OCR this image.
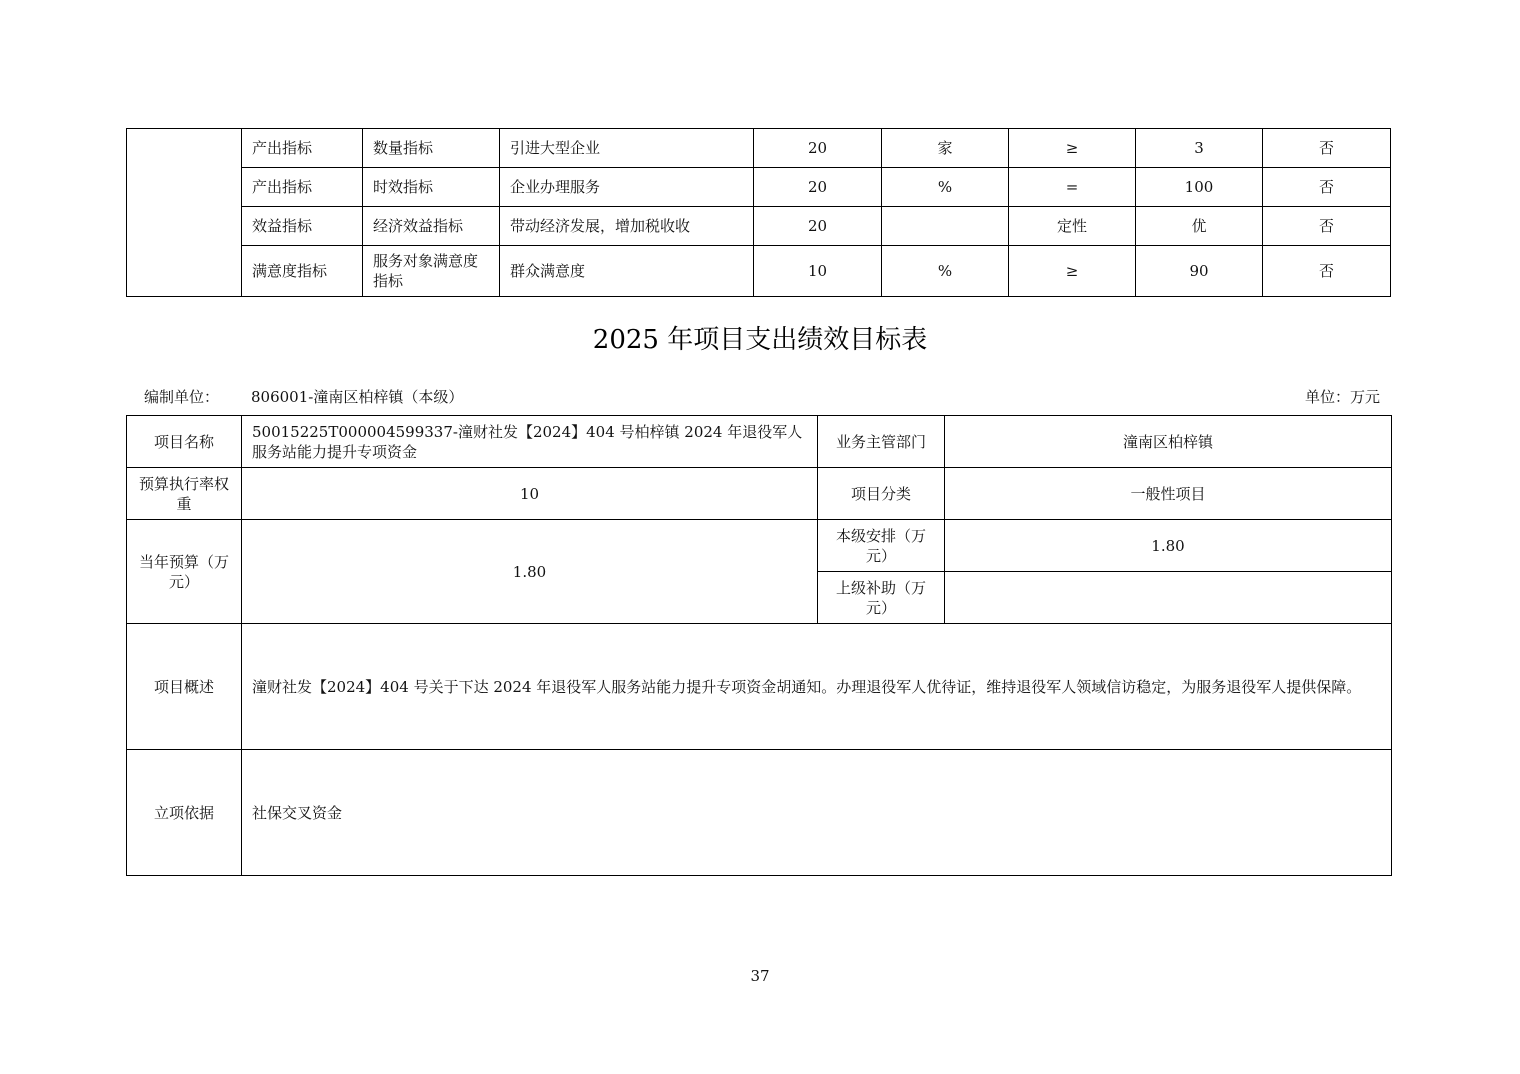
	产出指标	数量指标	引进大型企业	20	家	≥	3	否
	产出指标	时效指标	企业办理服务	20	%	=	100	否
	效益指标	经济效益指标	带动经济发展，增加税收收	20		定性	优	否
	满意度指标	服务对象满意度指标	群众满意度	10	%	≥	90	否
2025 年项目支出绩效目标表
编制单位： 806001-潼南区柏梓镇（本级）	单位：万元
项目名称	50015225T000004599337-潼财社发【2024】404 号柏梓镇 2024 年退役军人服务站能力提升专项资金	业务主管部门	潼南区柏梓镇
预算执行率权重	10	项目分类	一般性项目
当年预算（万元）	1.80	本级安排（万元）	1.80
		上级补助（万元）	
项目概述	潼财社发【2024】404 号关于下达 2024 年退役军人服务站能力提升专项资金胡通知。办理退役军人优待证，维持退役军人领域信访稳定，为服务退役军人提供保障。		
立项依据	社保交叉资金		
37
